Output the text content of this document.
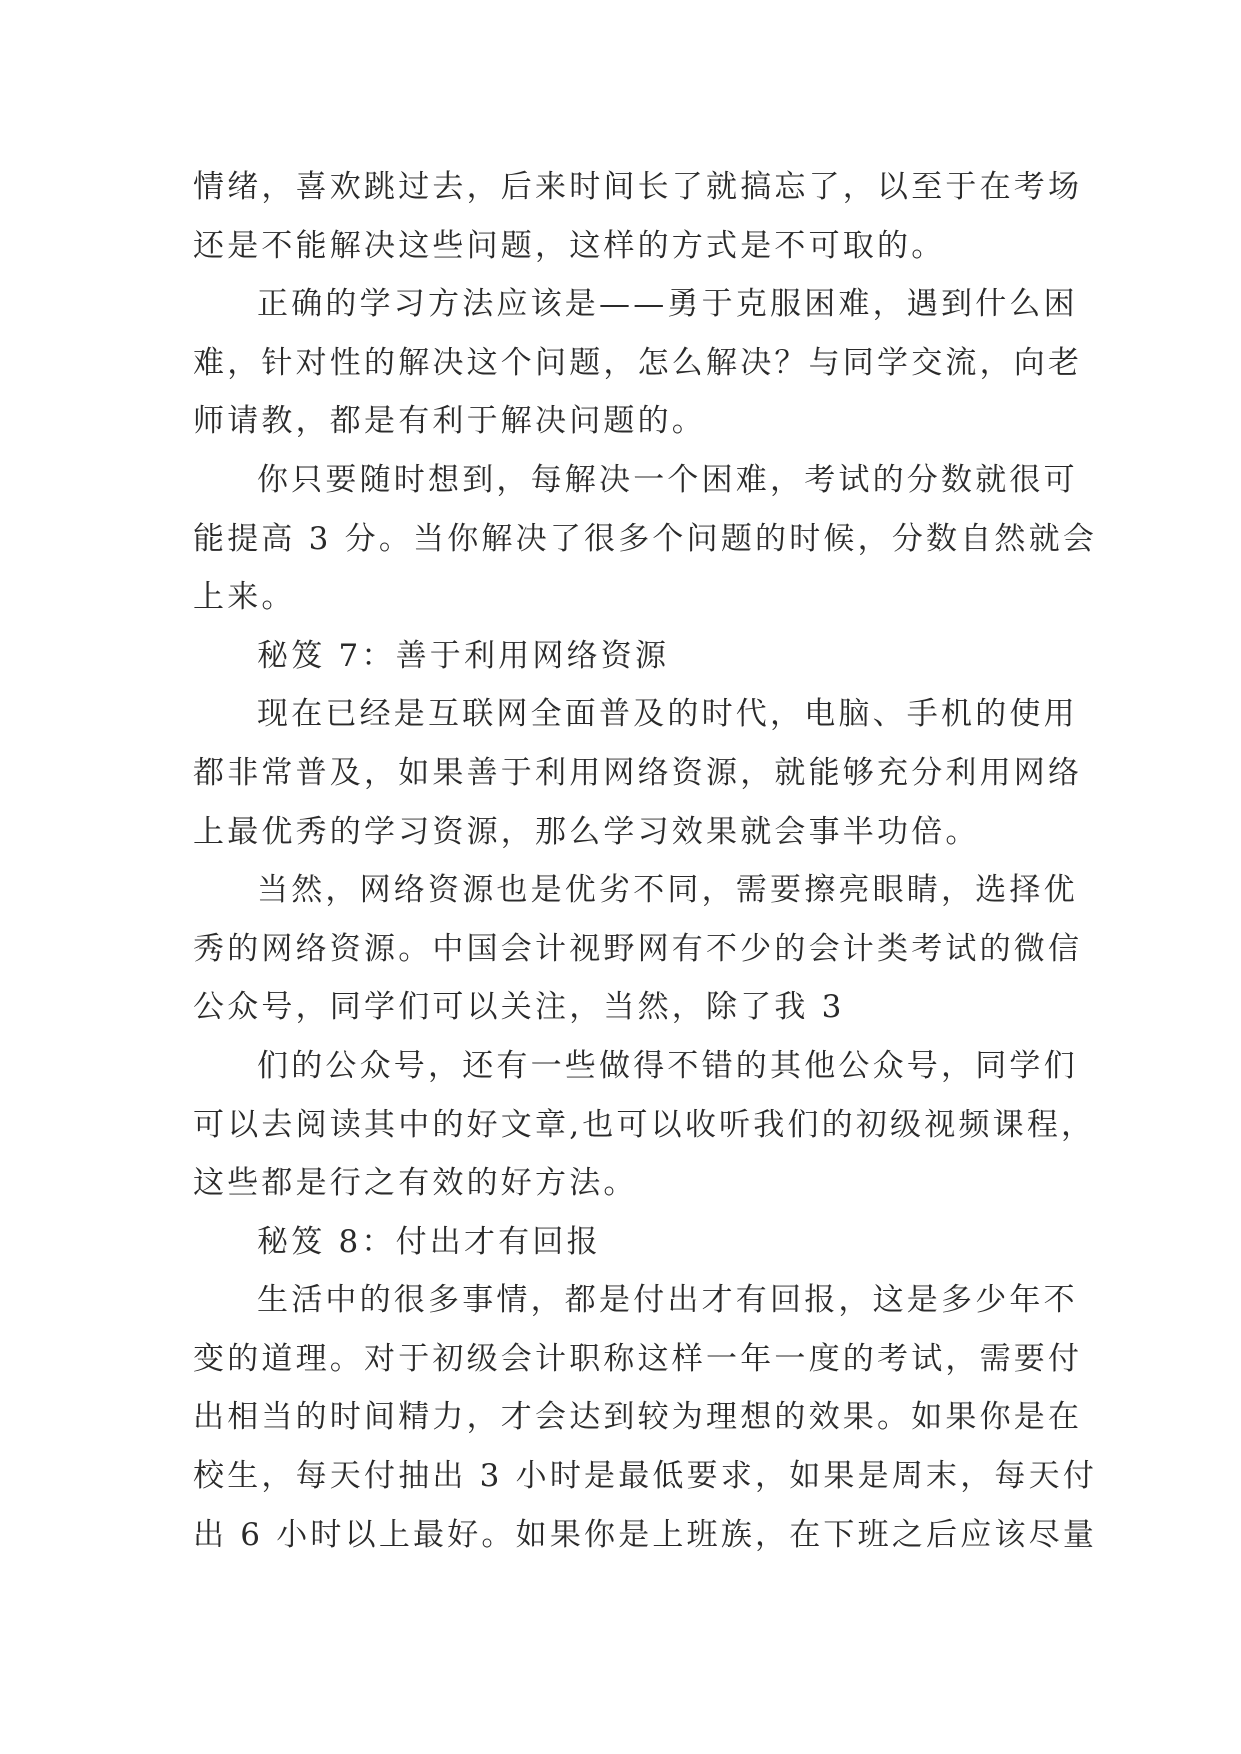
情绪，喜欢跳过去，后来时间长了就搞忘了，以至于在考场

还是不能解决这些问题，这样的方式是不可取的。

正确的学习方法应该是——勇于克服困难，遇到什么困

难，针对性的解决这个问题，怎么解决？与同学交流，向老

师请教，都是有利于解决问题的。

你只要随时想到，每解决一个困难，考试的分数就很可

能提高 3 分。当你解决了很多个问题的时候，分数自然就会

上来。

秘笈 7：善于利用网络资源

现在已经是互联网全面普及的时代，电脑、手机的使用

都非常普及，如果善于利用网络资源，就能够充分利用网络

上最优秀的学习资源，那么学习效果就会事半功倍。

当然，网络资源也是优劣不同，需要擦亮眼睛，选择优

秀的网络资源。中国会计视野网有不少的会计类考试的微信

公众号，同学们可以关注，当然，除了我 3

们的公众号，还有一些做得不错的其他公众号，同学们

可以去阅读其中的好文章,也可以收听我们的初级视频课程，

这些都是行之有效的好方法。

秘笈 8：付出才有回报

生活中的很多事情，都是付出才有回报，这是多少年不

变的道理。对于初级会计职称这样一年一度的考试，需要付

出相当的时间精力，才会达到较为理想的效果。如果你是在

校生，每天付抽出 3 小时是最低要求，如果是周末，每天付

出 6 小时以上最好。如果你是上班族，在下班之后应该尽量
